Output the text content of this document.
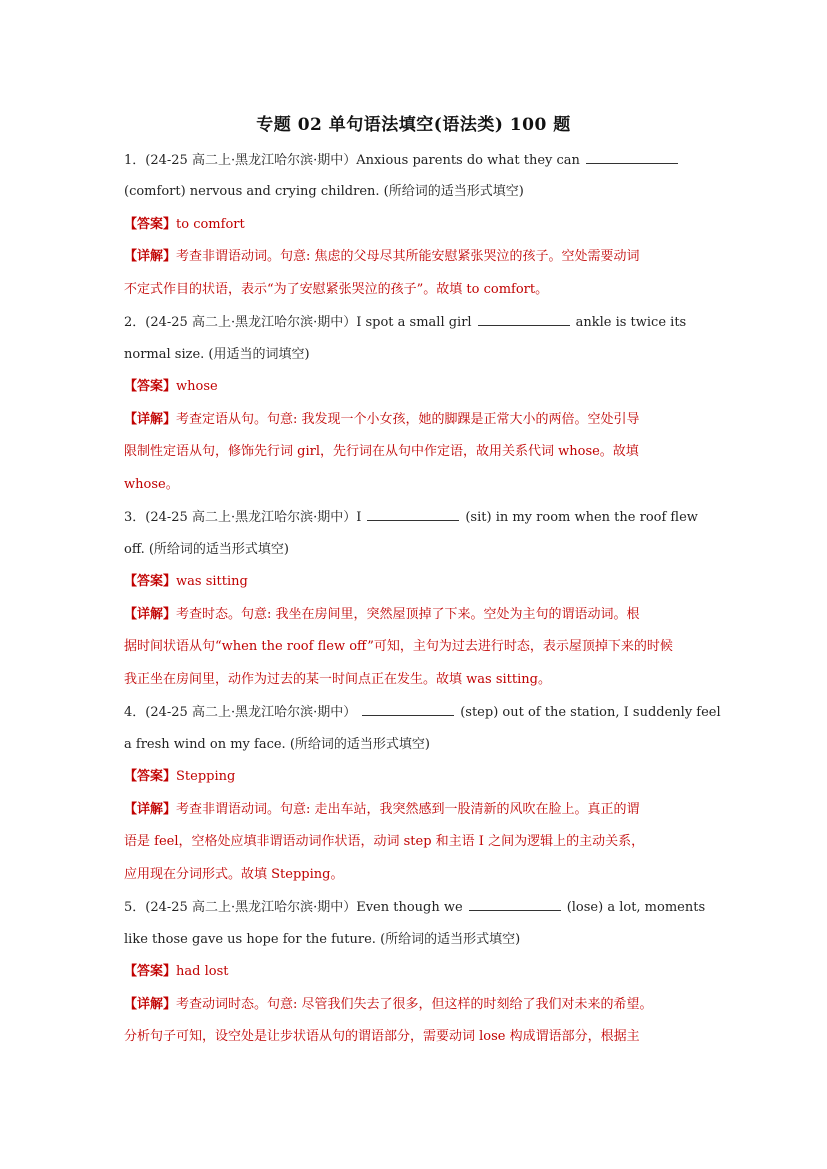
专题 02 单句语法填空(语法类) 100 题
1．(24-25 高二上·黑龙江哈尔滨·期中）Anxious parents do what they can
(comfort) nervous and crying children. (所给词的适当形式填空)
【答案】to comfort
【详解】考查非谓语动词。句意: 焦虑的父母尽其所能安慰紧张哭泣的孩子。空处需要动词
不定式作目的状语，表示“为了安慰紧张哭泣的孩子”。故填 to comfort。
2．(24-25 高二上·黑龙江哈尔滨·期中）I spot a small girl	ankle is twice its
normal size. (用适当的词填空)
【答案】whose
【详解】考查定语从句。句意: 我发现一个小女孩，她的脚踝是正常大小的两倍。空处引导
限制性定语从句，修饰先行词 girl，先行词在从句中作定语，故用关系代词 whose。故填
whose。
3．(24-25 高二上·黑龙江哈尔滨·期中）I	(sit) in my room when the roof flew
off. (所给词的适当形式填空)
【答案】was sitting
【详解】考查时态。句意: 我坐在房间里，突然屋顶掉了下来。空处为主句的谓语动词。根
据时间状语从句“when the roof flew off”可知，主句为过去进行时态，表示屋顶掉下来的时候
我正坐在房间里，动作为过去的某一时间点正在发生。故填 was sitting。
4．(24-25 高二上·黑龙江哈尔滨·期中）	(step) out of the station, I suddenly feel
a fresh wind on my face. (所给词的适当形式填空)
【答案】Stepping
【详解】考查非谓语动词。句意: 走出车站，我突然感到一股清新的风吹在脸上。真正的谓
语是 feel，空格处应填非谓语动词作状语，动词 step 和主语 I 之间为逻辑上的主动关系，
应用现在分词形式。故填 Stepping。
5．(24-25 高二上·黑龙江哈尔滨·期中）Even though we	(lose) a lot, moments
like those gave us hope for the future. (所给词的适当形式填空)
【答案】had lost
【详解】考查动词时态。句意: 尽管我们失去了很多，但这样的时刻给了我们对未来的希望。
分析句子可知，设空处是让步状语从句的谓语部分，需要动词 lose 构成谓语部分，根据主
